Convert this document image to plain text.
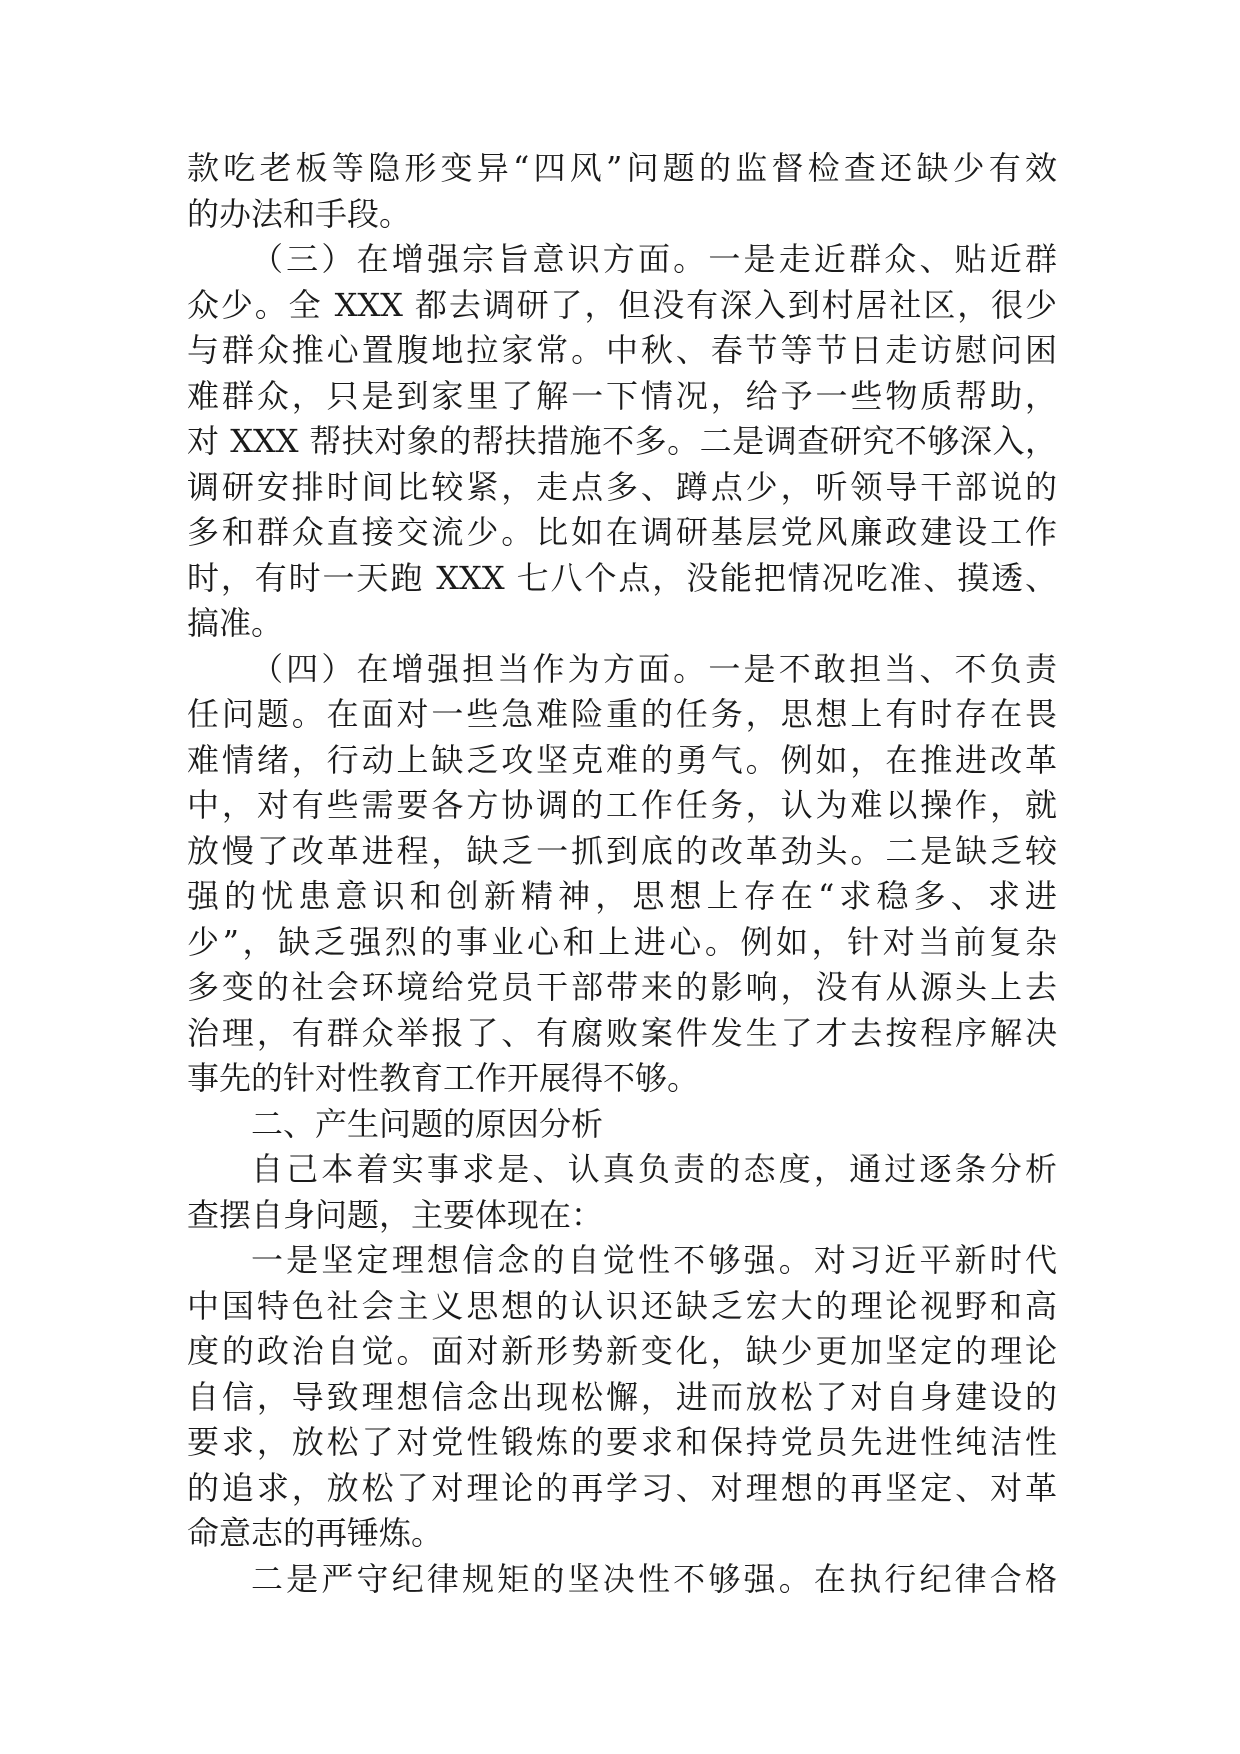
款吃老板等隐形变异“四风”问题的监督检查还缺少有效
的办法和手段。
（三）在增强宗旨意识方面。一是走近群众、贴近群
众少。全 XXX 都去调研了，但没有深入到村居社区，很少
与群众推心置腹地拉家常。中秋、春节等节日走访慰问困
难群众，只是到家里了解一下情况，给予一些物质帮助，
对 XXX 帮扶对象的帮扶措施不多。二是调查研究不够深入，
调研安排时间比较紧，走点多、蹲点少，听领导干部说的
多和群众直接交流少。比如在调研基层党风廉政建设工作
时，有时一天跑 XXX 七八个点，没能把情况吃准、摸透、
搞准。
（四）在增强担当作为方面。一是不敢担当、不负责
任问题。在面对一些急难险重的任务，思想上有时存在畏
难情绪，行动上缺乏攻坚克难的勇气。例如，在推进改革
中，对有些需要各方协调的工作任务，认为难以操作，就
放慢了改革进程，缺乏一抓到底的改革劲头。二是缺乏较
强的忧患意识和创新精神，思想上存在“求稳多、求进
少”，缺乏强烈的事业心和上进心。例如，针对当前复杂
多变的社会环境给党员干部带来的影响，没有从源头上去
治理，有群众举报了、有腐败案件发生了才去按程序解决
事先的针对性教育工作开展得不够。
二、产生问题的原因分析
自己本着实事求是、认真负责的态度，通过逐条分析
查摆自身问题，主要体现在：
一是坚定理想信念的自觉性不够强。对习近平新时代
中国特色社会主义思想的认识还缺乏宏大的理论视野和高
度的政治自觉。面对新形势新变化，缺少更加坚定的理论
自信，导致理想信念出现松懈，进而放松了对自身建设的
要求，放松了对党性锻炼的要求和保持党员先进性纯洁性
的追求，放松了对理论的再学习、对理想的再坚定、对革
命意志的再锤炼。
二是严守纪律规矩的坚决性不够强。在执行纪律合格
